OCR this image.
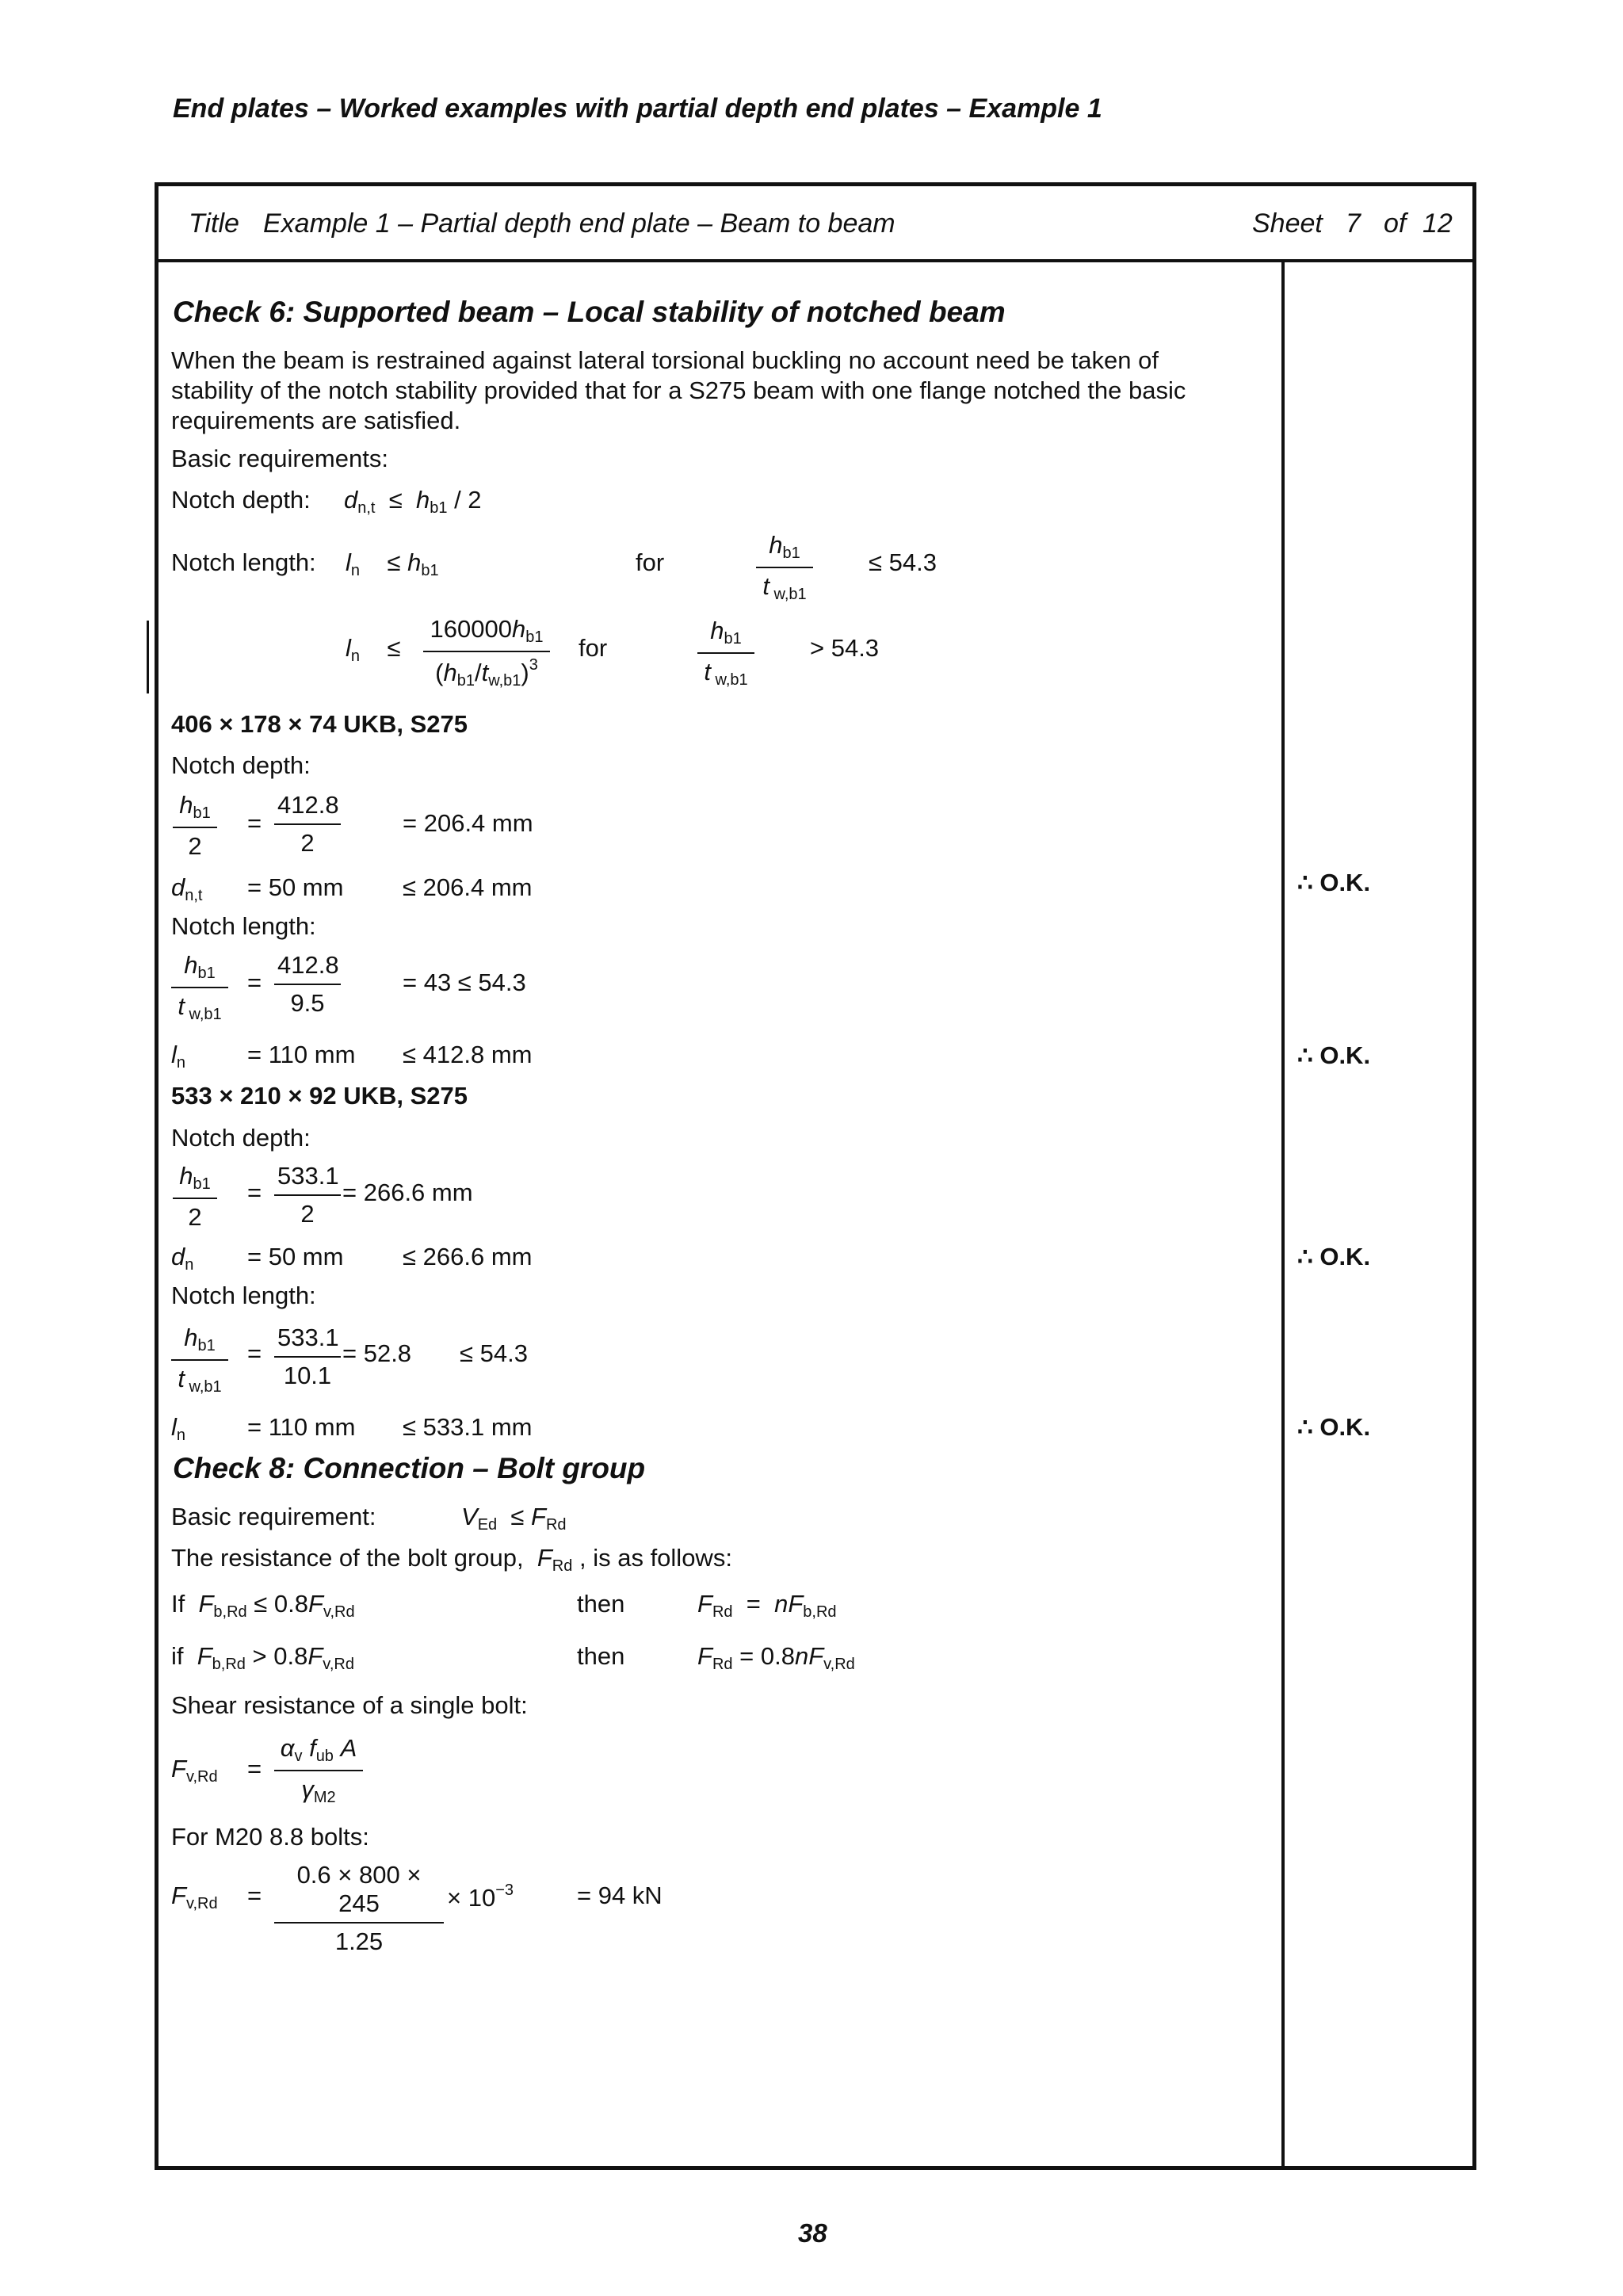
End plates – Worked examples with partial depth end plates – Example 1
Title Example 1 – Partial depth end plate – Beam to beam	Sheet 7 of 12
Check 6: Supported beam – Local stability of notched beam
When the beam is restrained against lateral torsional buckling no account need be taken of
stability of the notch stability provided that for a S275 beam with one flange notched the basic
requirements are satisfied.
Basic requirements:
Notch depth: $d_{n,t} \le h_{b1} / 2$
Notch length: $l_n$    ≤ $h_{b1}$	for
$h_{b1}$
t $_{w,b1}$
≤ 54.3
$l_n$    ≤
$160000h_{b1}$
$(h_{b1}/t_{w,b1})^3$
for
$h_{b1}$
t $_{w,b1}$
> 54.3
406 × 178 × 74 UKB, S275
Notch depth:
$h_{b1}$
2
=
412.8
2
= 206.4 mm
$d_{n,t} = 50$ mm ≤ 206.4 mm	∴ O.K.
Notch length:
$h_{b1}$
t $_{w,b1}$
=
412.8
9.5
= 43 ≤ 54.3
$l_n$	= 110 mm ≤ 412.8 mm	∴ O.K.
533 × 210 × 92 UKB, S275
Notch depth:
$h_{b1}$
2
=
533.1
2
= 266.6 mm
$d_n = 50$ mm ≤ 266.6 mm	∴ O.K.
Notch length:
$h_{b1}$
t $_{w,b1}$
=
533.1
10.1
= 52.8 ≤ 54.3
$l_n$	= 110 mm ≤ 533.1 mm	∴ O.K.
Check 8: Connection – Bolt group
Basic requirement:	$V_{Ed} \le F_{Rd}$
The resistance of the bolt group, $F_{Rd}$ , is as follows:
If $F_{b,Rd} \le 0.8F_{v,Rd}$	then	$F_{Rd} = nF_{b,Rd}$
if $F_{b,Rd} > 0.8F_{v,Rd}$	then	$F_{Rd} = 0.8nF_{v,Rd}$
Shear resistance of a single bolt:
$F_{v,Rd}$ =
$\alpha_v$ $f_{ub}$ A
$\gamma_{M2}$
For M20 8.8 bolts:
$F_{v,Rd}$ =
0.6 × 800 × 245
1.25
× $10^{-3}$	= 94 kN
38
